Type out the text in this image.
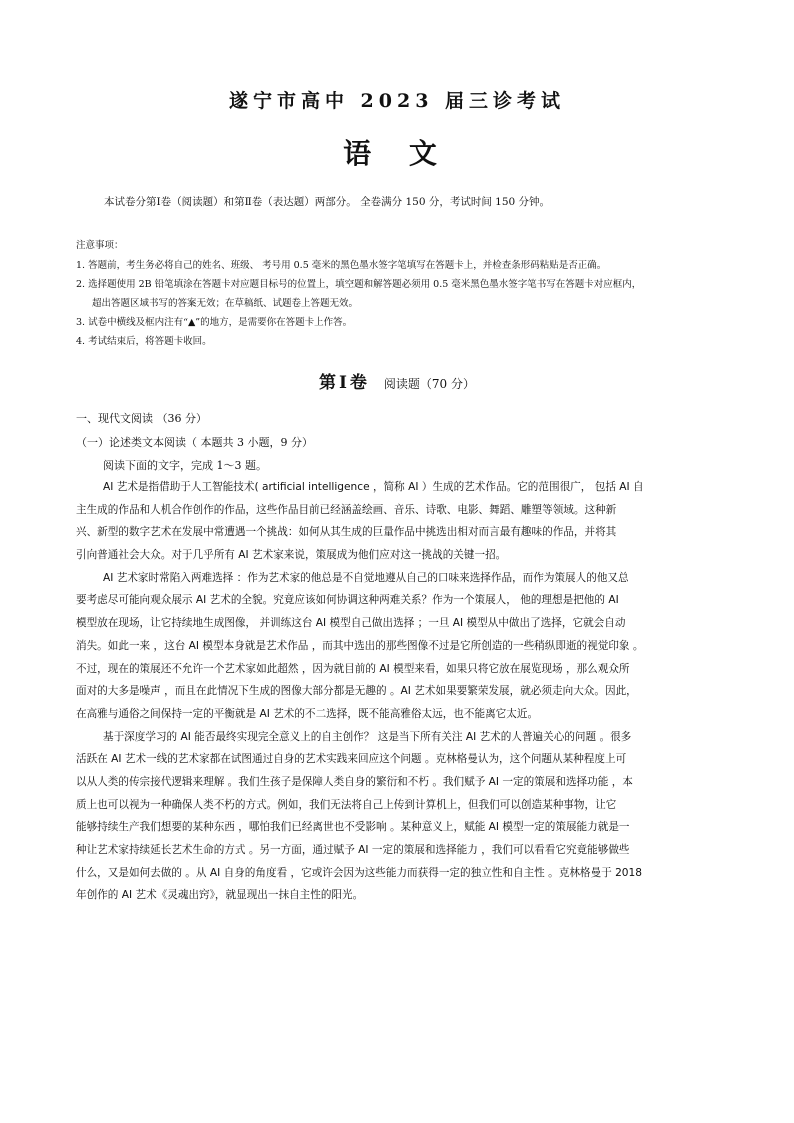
遂宁市高中 2023 届三诊考试
语 文
本试卷分第Ⅰ卷（阅读题）和第Ⅱ卷（表达题）两部分。 全卷满分 150 分，考试时间 150 分钟。
注意事项：
1. 答题前，考生务必将自己的姓名、班级、 考号用 0.5 毫米的黑色墨水签字笔填写在答题卡上，并检查条形码粘贴是否正确。
2. 选择题使用 2B 铅笔填涂在答题卡对应题目标号的位置上，填空题和解答题必须用 0.5 毫米黑色墨水签字笔书写在答题卡对应框内，
超出答题区域书写的答案无效；在草稿纸、试题卷上答题无效。
3. 试卷中横线及框内注有“▲”的地方，是需要你在答题卡上作答。
4. 考试结束后，将答题卡收回。
第Ⅰ卷 阅读题（70 分）
一、现代文阅读 （36 分）
（一）论述类文本阅读（ 本题共 3 小题，9 分）
阅读下面的文字，完成 1～3 题。
AI 艺术是指借助于人工智能技术( artificial intelligence ，简称 AI ）生成的艺术作品。它的范围很广， 包括 AI 自
主生成的作品和人机合作创作的作品，这些作品目前已经涵盖绘画、音乐、诗歌、电影、舞蹈、雕塑等领域。这种新
兴、新型的数字艺术在发展中常遭遇一个挑战：如何从其生成的巨量作品中挑选出相对而言最有趣味的作品，并将其
引向普通社会大众。对于几乎所有 AI 艺术家来说，策展成为他们应对这一挑战的关键一招。
AI 艺术家时常陷入两难选择 ：作为艺术家的他总是不自觉地遵从自己的口味来选择作品，而作为策展人的他又总
要考虑尽可能向观众展示 AI 艺术的全貌。究竟应该如何协调这种两难关系？作为一个策展人， 他的理想是把他的 AI
模型放在现场，让它持续地生成图像， 并训练这台 AI 模型自己做出选择 ；一旦 AI 模型从中做出了选择，它就会自动
消失。如此一来 ，这台 AI 模型本身就是艺术作品 ，而其中选出的那些图像不过是它所创造的一些稍纵即逝的视觉印象 。
不过，现在的策展还不允许一个艺术家如此超然 ，因为就目前的 AI 模型来看，如果只将它放在展览现场 ，那么观众所
面对的大多是噪声 ，而且在此情况下生成的图像大部分都是无趣的 。AI 艺术如果要繁荣发展，就必须走向大众。因此，
在高雅与通俗之间保持一定的平衡就是 AI 艺术的不二选择，既不能高雅俗太远，也不能离它太近。
基于深度学习的 AI 能否最终实现完全意义上的自主创作？ 这是当下所有关注 AI 艺术的人普遍关心的问题 。很多
活跃在 AI 艺术一线的艺术家都在试图通过自身的艺术实践来回应这个问题 。克林格曼认为，这个问题从某种程度上可
以从人类的传宗接代逻辑来理解 。我们生孩子是保障人类自身的繁衍和不朽 。我们赋予 AI 一定的策展和选择功能 ，本
质上也可以视为一种确保人类不朽的方式。例如，我们无法将自己上传到计算机上，但我们可以创造某种事物，让它
能够持续生产我们想要的某种东西 ，哪怕我们已经离世也不受影响 。某种意义上，赋能 AI 模型一定的策展能力就是一
种让艺术家持续延长艺术生命的方式 。另一方面，通过赋予 AI 一定的策展和选择能力 ，我们可以看看它究竟能够做些
什么，又是如何去做的 。从 AI 自身的角度看 ，它或许会因为这些能力而获得一定的独立性和自主性 。克林格曼于 2018
年创作的 AI 艺术《灵魂出窍》，就显现出一抹自主性的阳光。
